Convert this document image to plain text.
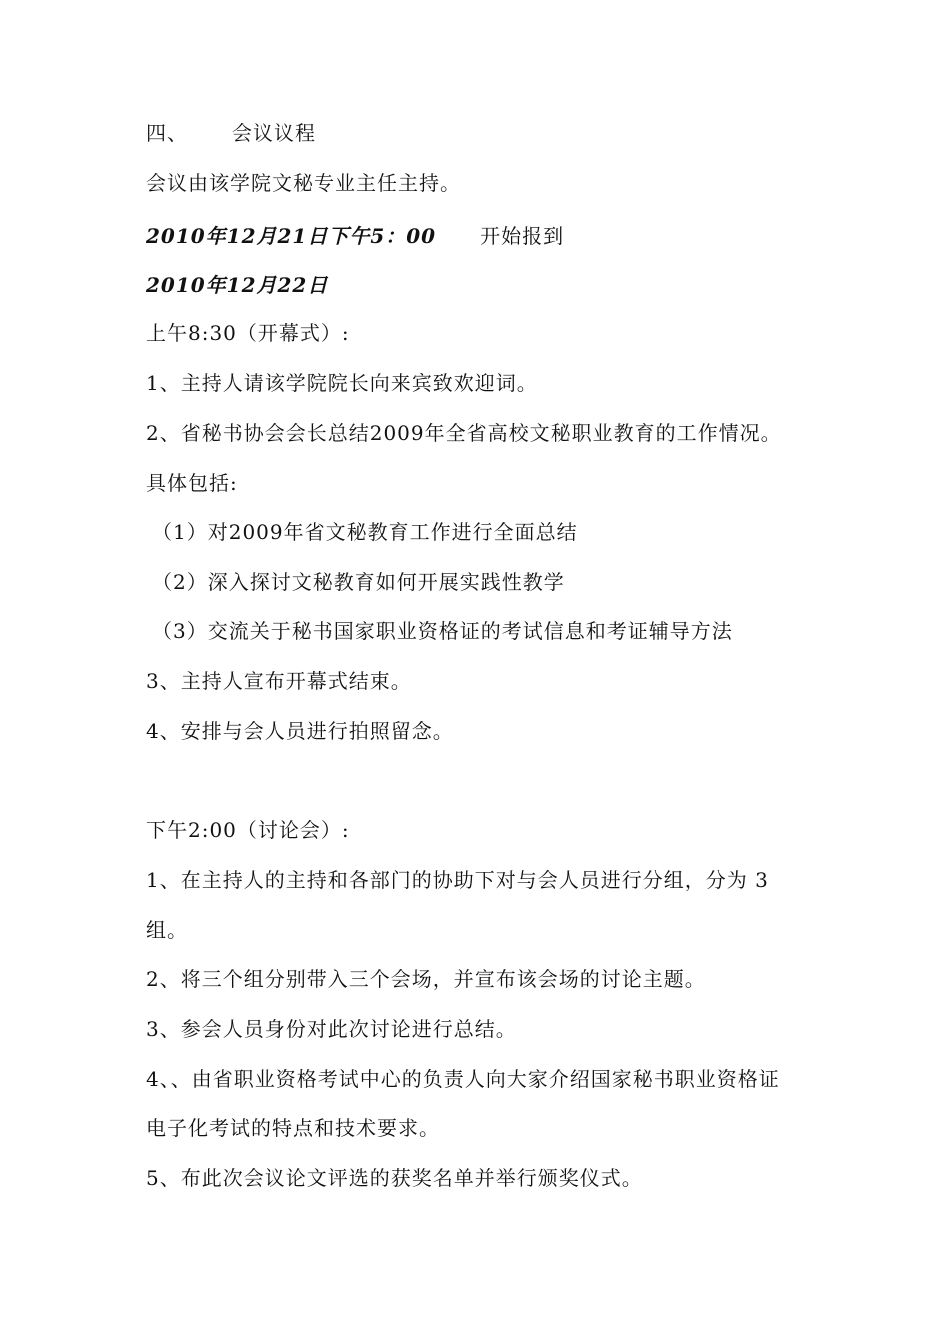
四、 会议议程
会议由该学院文秘专业主任主持。
2010年12月21日下午5：00 开始报到
2010年12月22日
上午8:30（开幕式）:
1、主持人请该学院院长向来宾致欢迎词。
2、省秘书协会会长总结2009年全省高校文秘职业教育的工作情况。
具体包括:
（1）对2009年省文秘教育工作进行全面总结
（2）深入探讨文秘教育如何开展实践性教学
（3）交流关于秘书国家职业资格证的考试信息和考证辅导方法
3、主持人宣布开幕式结束。
4、安排与会人员进行拍照留念。
下午2:00（讨论会）:
1、在主持人的主持和各部门的协助下对与会人员进行分组，分为 3
组。
2、将三个组分别带入三个会场，并宣布该会场的讨论主题。
3、参会人员身份对此次讨论进行总结。
4、、由省职业资格考试中心的负责人向大家介绍国家秘书职业资格证
电子化考试的特点和技术要求。
5、布此次会议论文评选的获奖名单并举行颁奖仪式。
